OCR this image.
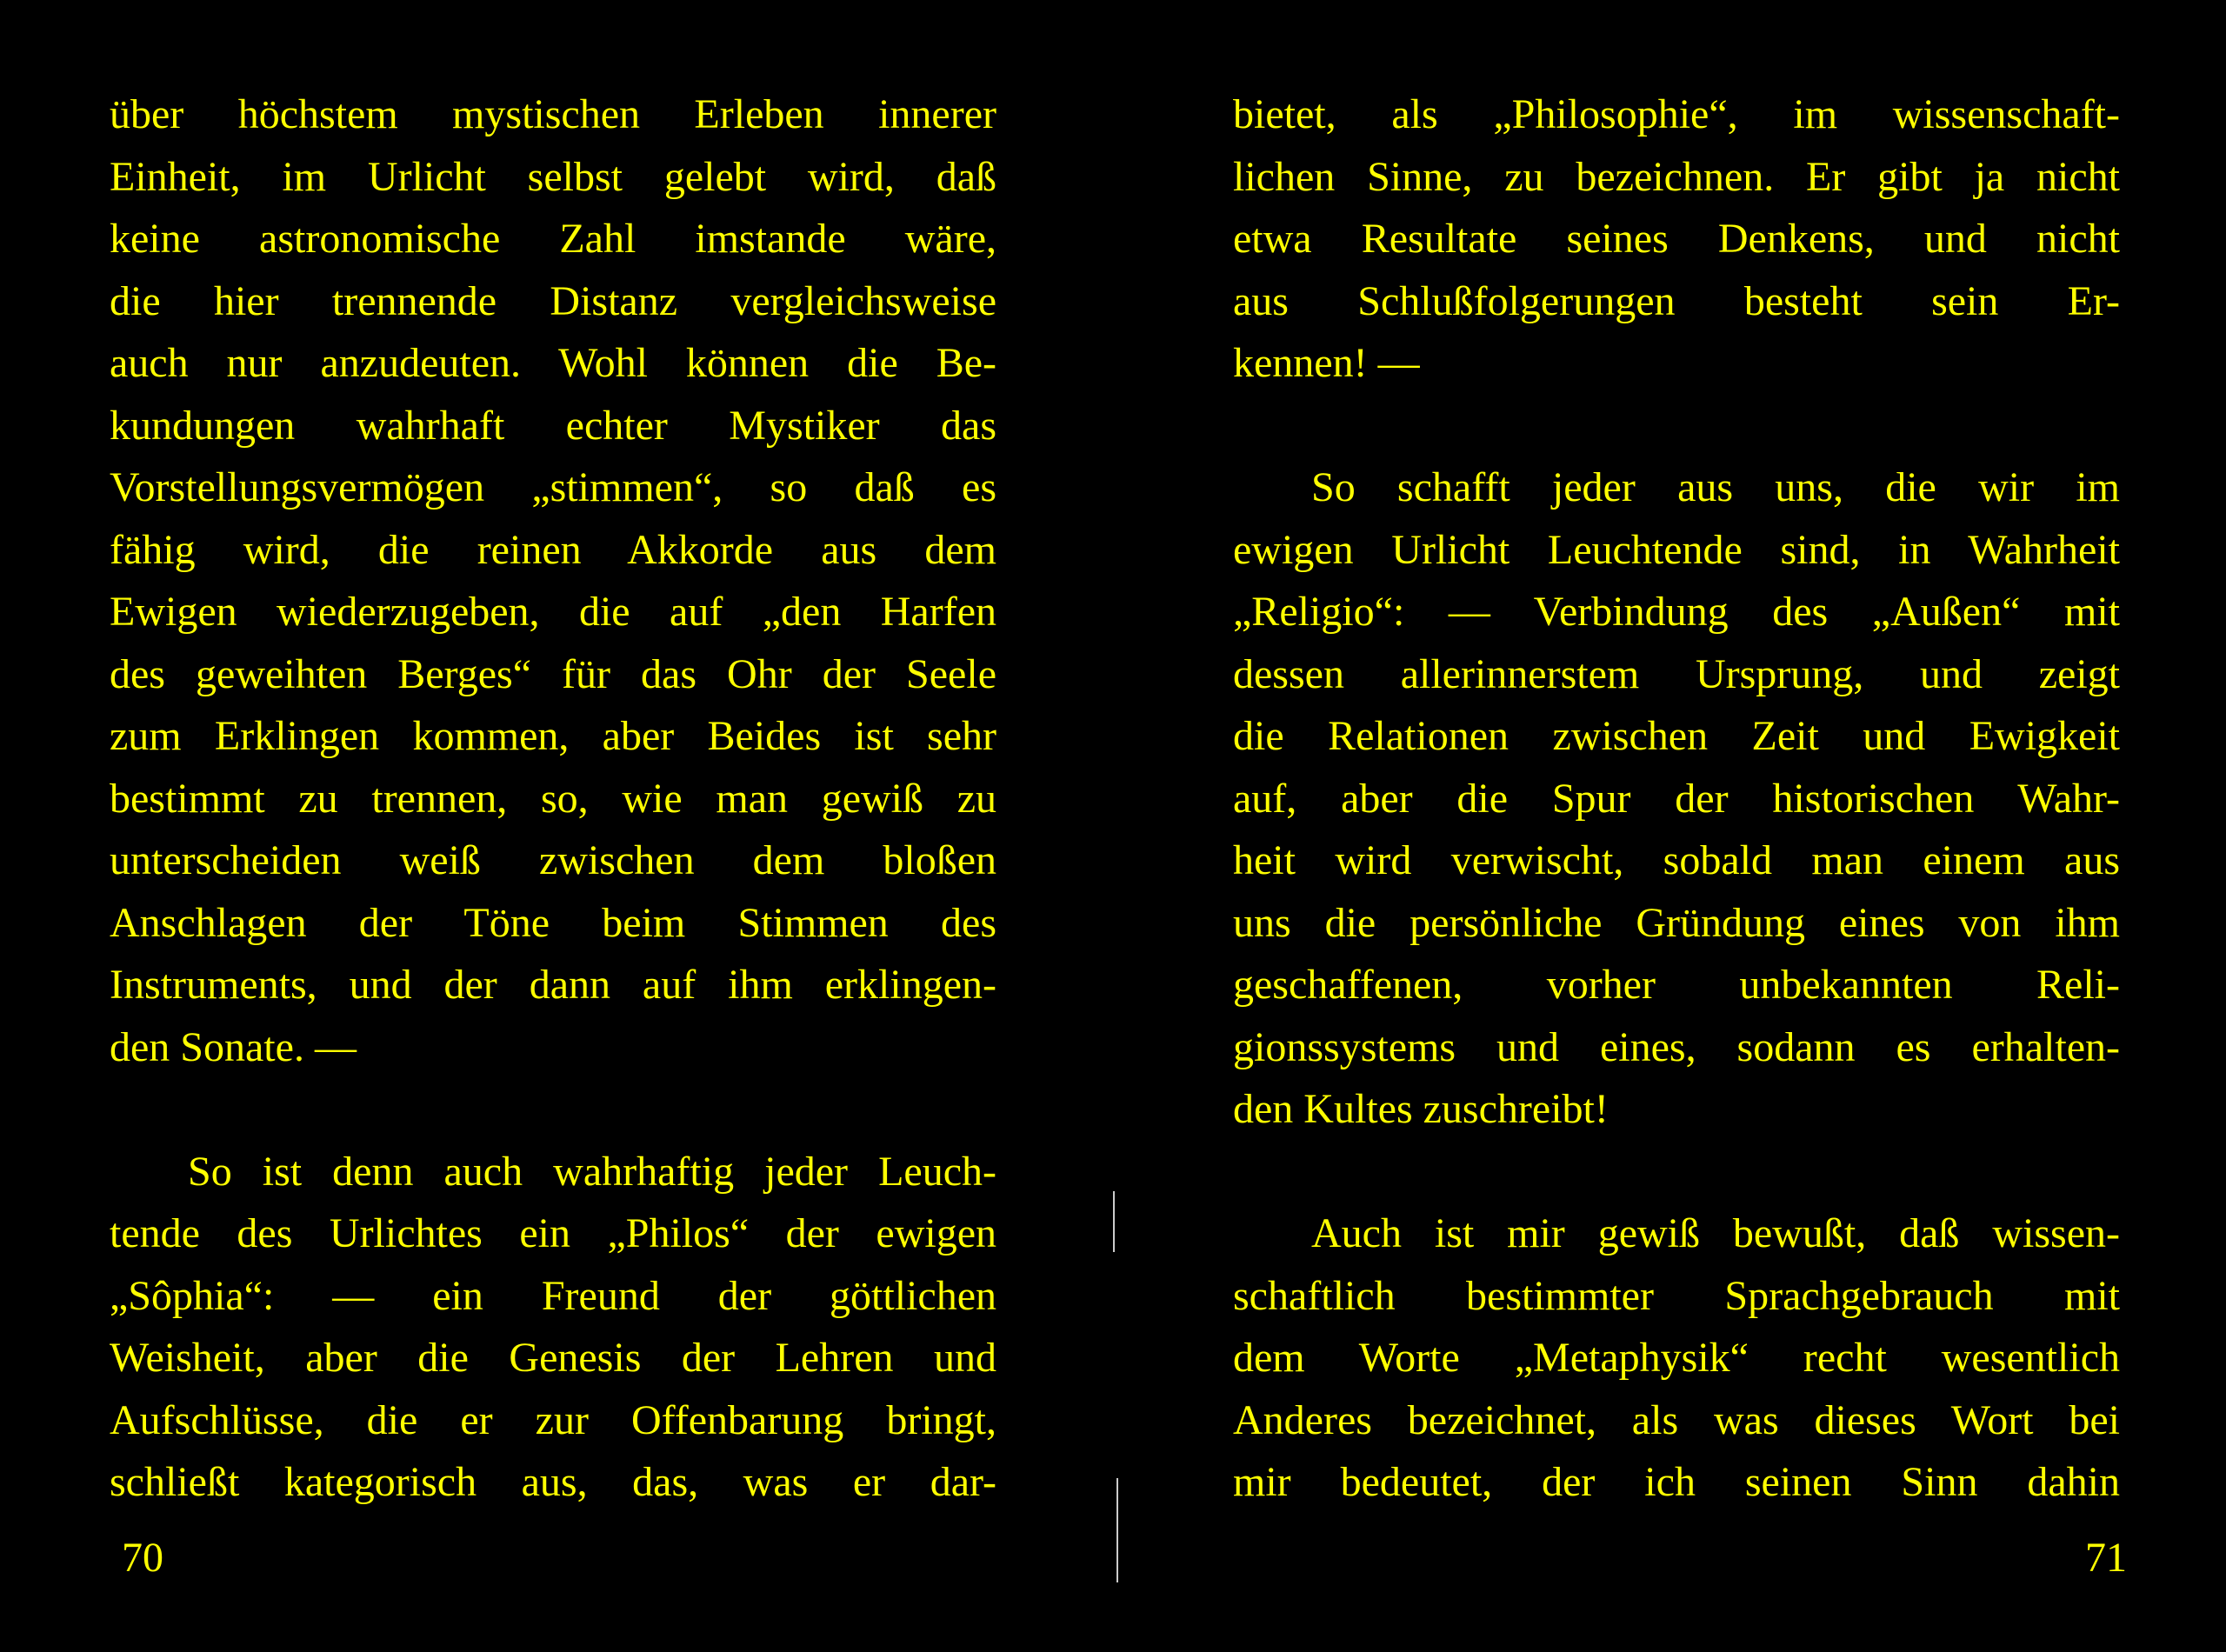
über höchstem mystischen Erleben innerer
Einheit, im Urlicht selbst gelebt wird, daß
keine astronomische Zahl imstande wäre,
die hier trennende Distanz vergleichsweise
auch nur anzudeuten. Wohl können die Be-
kundungen wahrhaft echter Mystiker das
Vorstellungsvermögen „stimmen“, so daß es
fähig wird, die reinen Akkorde aus dem
Ewigen wiederzugeben, die auf „den Harfen
des geweihten Berges“ für das Ohr der Seele
zum Erklingen kommen, aber Beides ist sehr
bestimmt zu trennen, so, wie man gewiß zu
unterscheiden weiß zwischen dem bloßen
Anschlagen der Töne beim Stimmen des
Instruments, und der dann auf ihm erklingen-
den Sonate. —

So ist denn auch wahrhaftig jeder Leuch-
tende des Urlichtes ein „Philos“ der ewigen
„Sôphia“: — ein Freund der göttlichen
Weisheit, aber die Genesis der Lehren und
Aufschlüsse, die er zur Offenbarung bringt,
schließt kategorisch aus, das, was er dar-

70

bietet, als „Philosophie“, im wissenschaft-
lichen Sinne, zu bezeichnen. Er gibt ja nicht
etwa Resultate seines Denkens, und nicht
aus Schlußfolgerungen besteht sein Er-
kennen! —

So schafft jeder aus uns, die wir im
ewigen Urlicht Leuchtende sind, in Wahrheit
„Religio“: — Verbindung des „Außen“ mit
dessen allerinnerstem Ursprung, und zeigt
die Relationen zwischen Zeit und Ewigkeit
auf, aber die Spur der historischen Wahr-
heit wird verwischt, sobald man einem aus
uns die persönliche Gründung eines von ihm
geschaffenen, vorher unbekannten Reli-
gionssystems und eines, sodann es erhalten-
den Kultes zuschreibt!

Auch ist mir gewiß bewußt, daß wissen-
schaftlich bestimmter Sprachgebrauch mit
dem Worte „Metaphysik“ recht wesentlich
Anderes bezeichnet, als was dieses Wort bei
mir bedeutet, der ich seinen Sinn dahin

71
